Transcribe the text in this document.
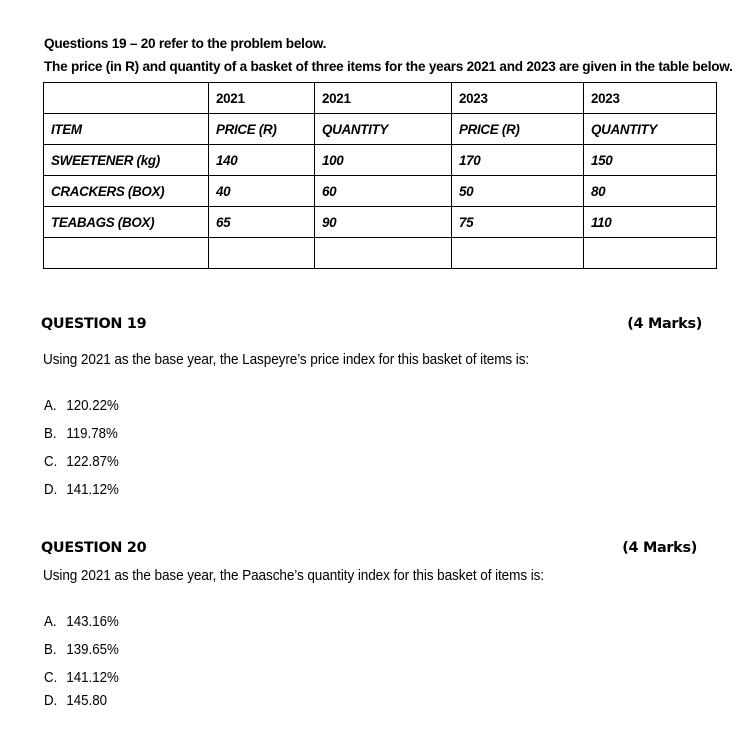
Questions 19 – 20 refer to the problem below.

The price (in R) and quantity of a basket of three items for the years 2021 and 2023 are given in the table below.

	2021	2021	2023	2023
ITEM	PRICE (R)	QUANTITY	PRICE (R)	QUANTITY
SWEETENER (kg)	140	100	170	150
CRACKERS (BOX)	40	60	50	80
TEABAGS (BOX)	65	90	75	110

QUESTION 19	(4 Marks)

Using 2021 as the base year, the Laspeyre’s price index for this basket of items is:

A. 120.22%

B. 119.78%

C. 122.87%

D. 141.12%

QUESTION 20	(4 Marks)

Using 2021 as the base year, the Paasche’s quantity index for this basket of items is:

A. 143.16%

B. 139.65%

C. 141.12%

D. 145.80
